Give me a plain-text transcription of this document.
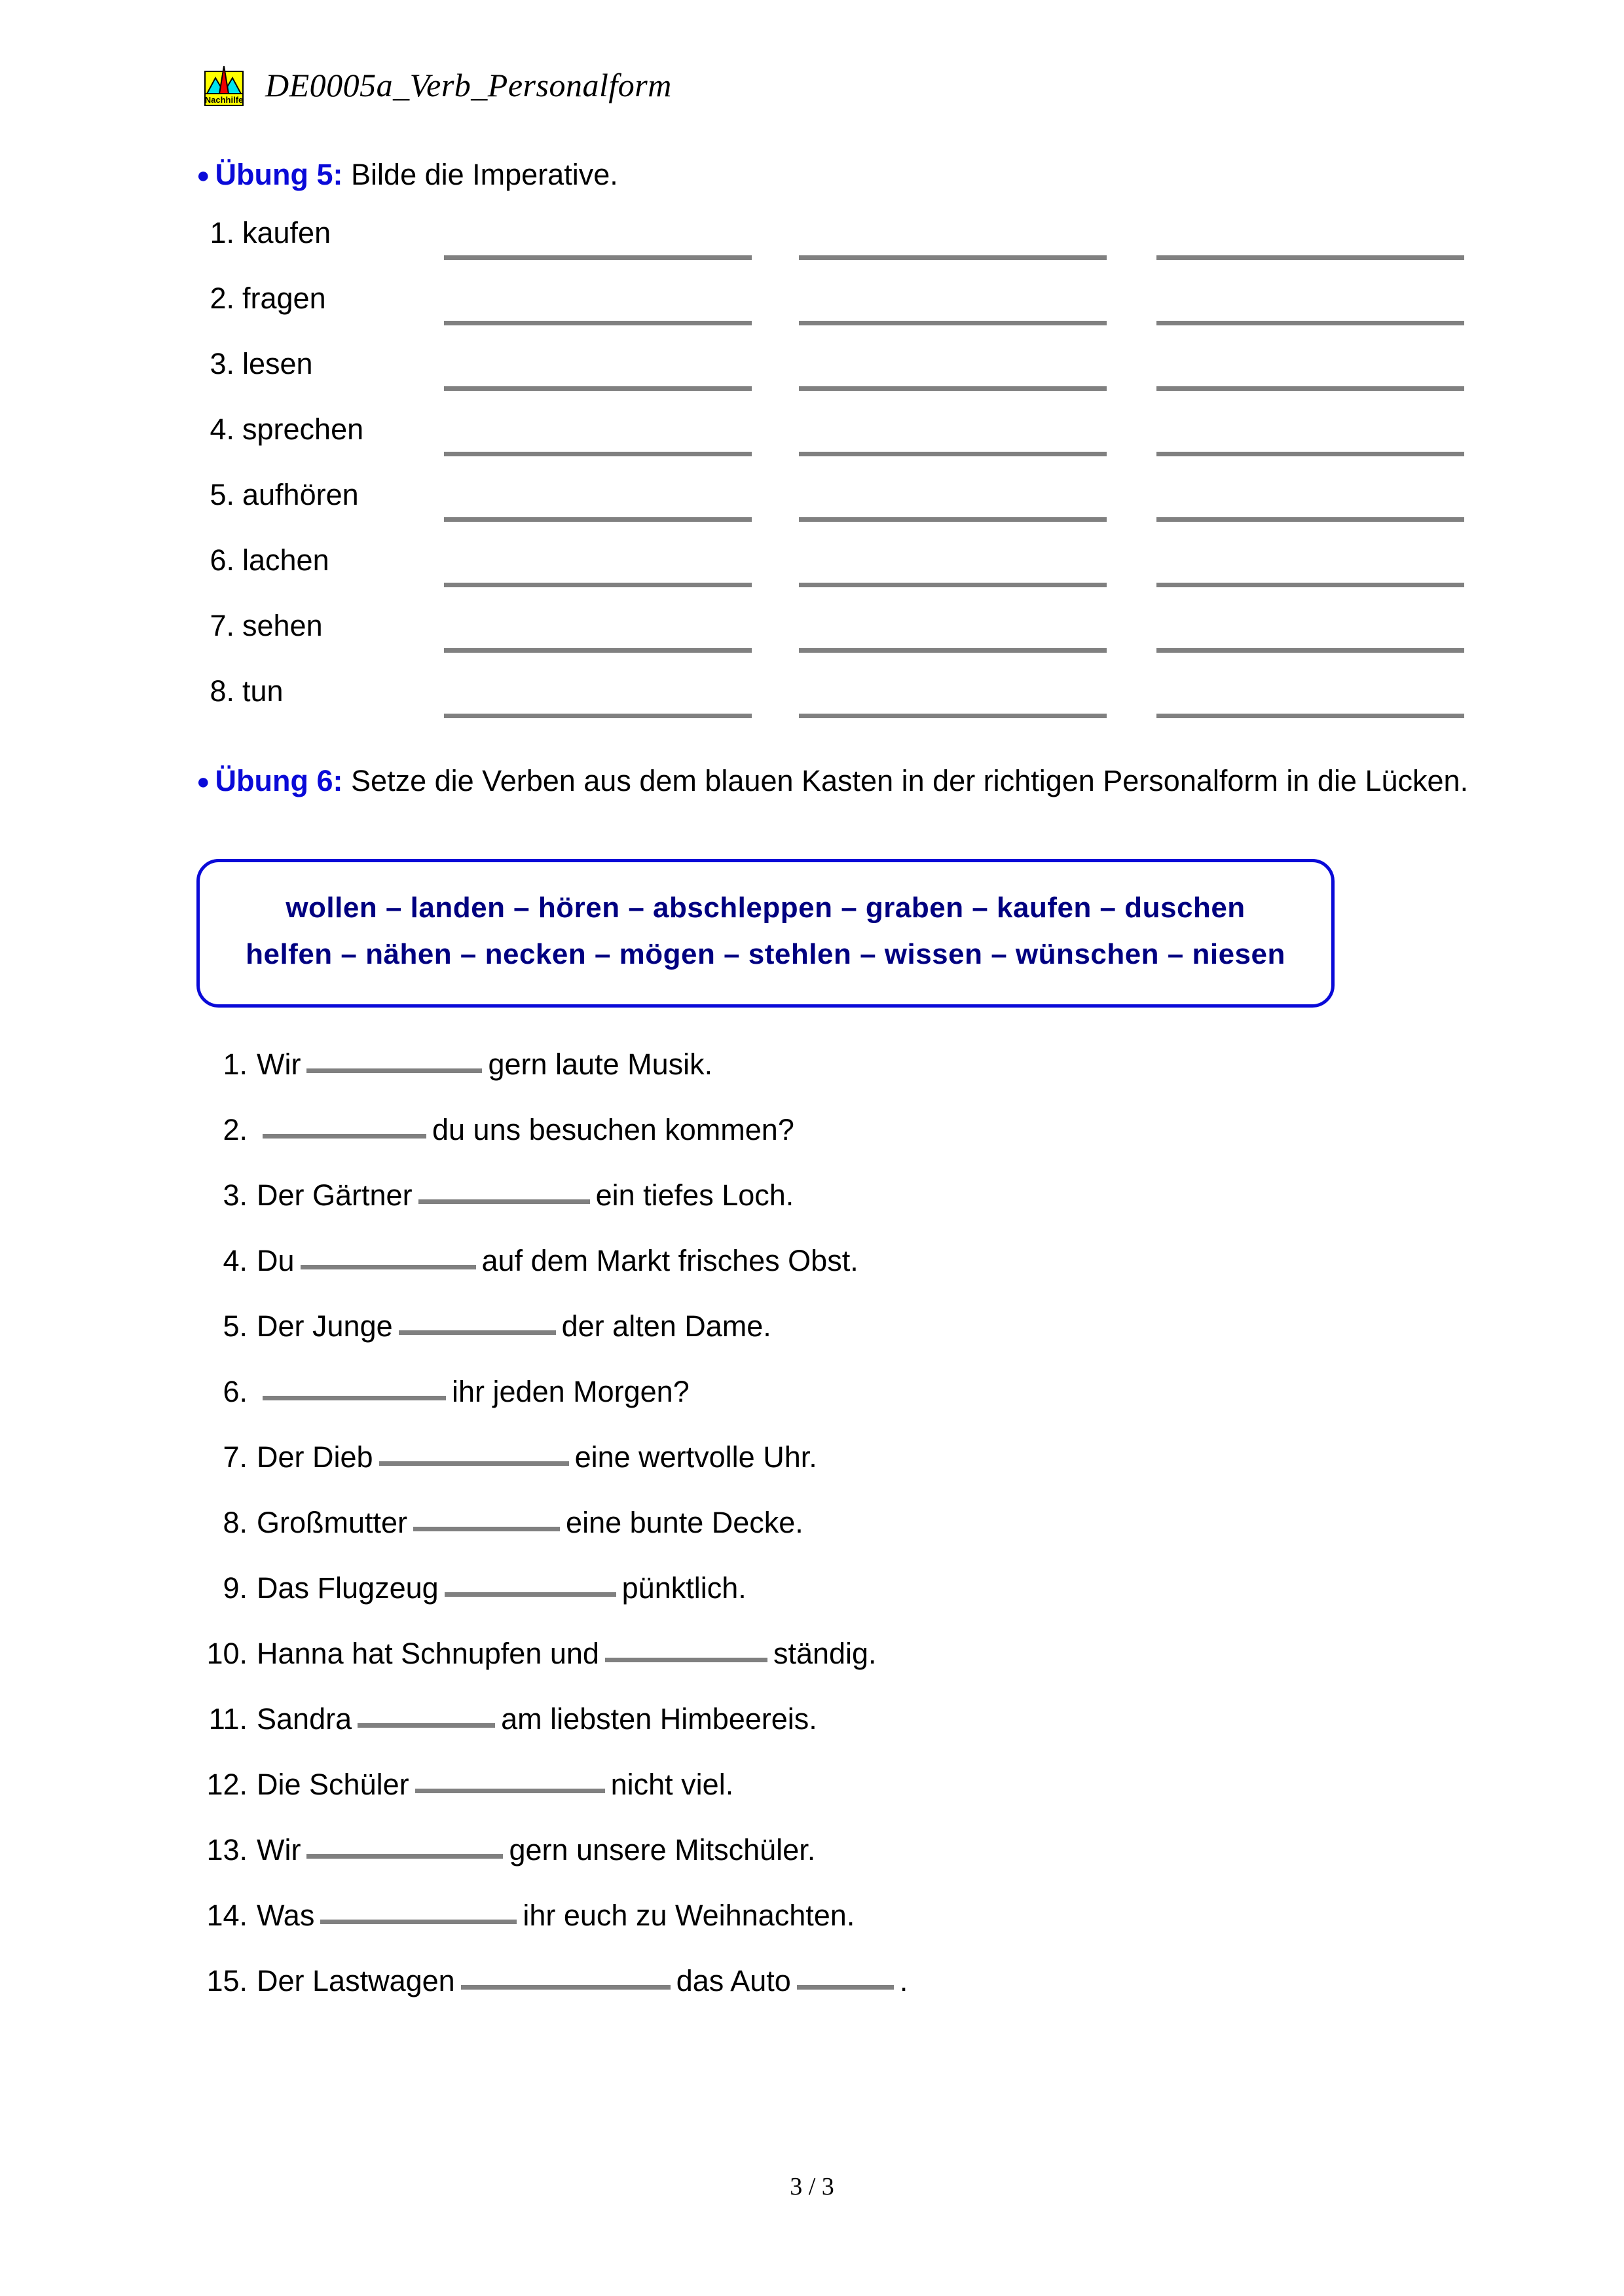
Nachhilfe DE0005a_Verb_Personalform
● Übung 5: Bilde die Imperative.
1. kaufen
2. fragen
3. lesen
4. sprechen
5. aufhören
6. lachen
7. sehen
8. tun
● Übung 6: Setze die Verben aus dem blauen Kasten in der richtigen Personalform in die Lücken.
wollen – landen – hören – abschleppen – graben – kaufen – duschen
helfen – nähen – necken – mögen – stehlen – wissen – wünschen – niesen
1. Wir	gern laute Musik.
2.	du uns besuchen kommen?
3. Der Gärtner	ein tiefes Loch.
4. Du	auf dem Markt frisches Obst.
5. Der Junge	der alten Dame.
6.	ihr jeden Morgen?
7. Der Dieb	eine wertvolle Uhr.
8. Großmutter	eine bunte Decke.
9. Das Flugzeug	pünktlich.
10. Hanna hat Schnupfen und	ständig.
11. Sandra	am liebsten Himbeereis.
12. Die Schüler	nicht viel.
13. Wir	gern unsere Mitschüler.
14. Was	ihr euch zu Weihnachten.
15. Der Lastwagen	das Auto	.
3 / 3
